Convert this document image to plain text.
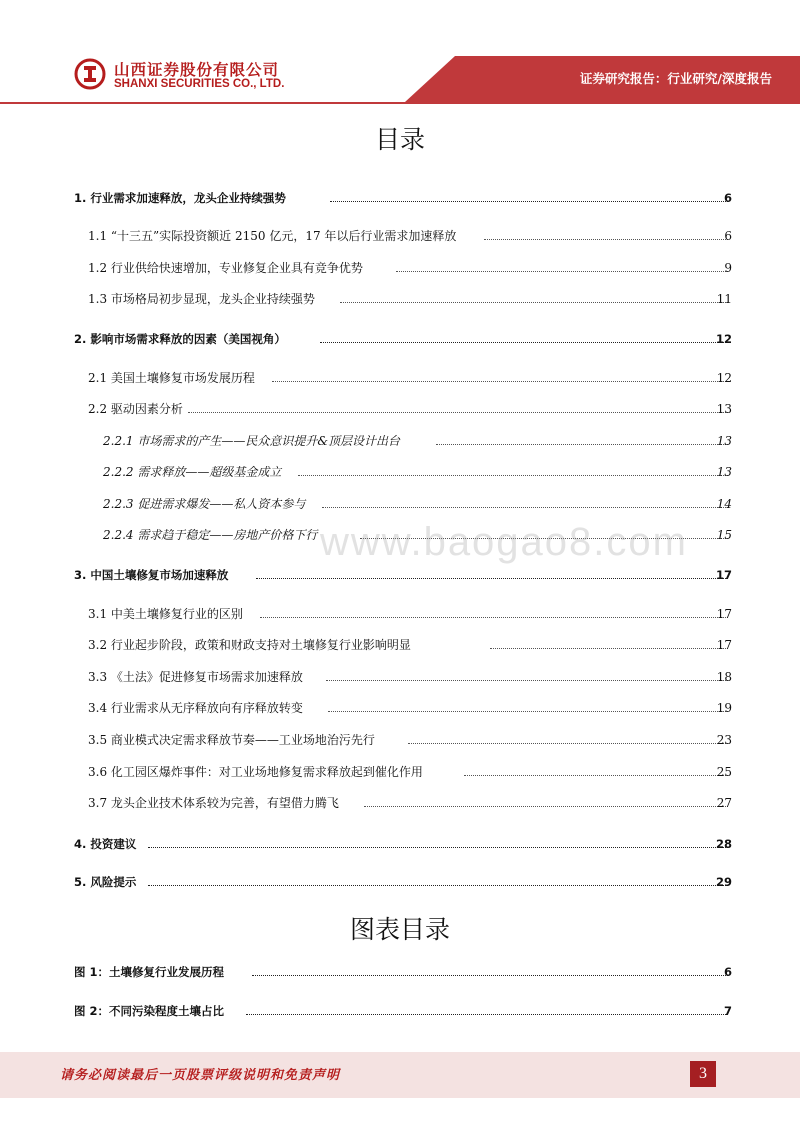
山西证券股份有限公司
SHANXI SECURITIES CO., LTD.	证券研究报告：行业研究/深度报告
目录
1. 行业需求加速释放，龙头企业持续强势	6
1.1 “十三五”实际投资额近 2150 亿元，17 年以后行业需求加速释放	6
1.2 行业供给快速增加，专业修复企业具有竞争优势	9
1.3 市场格局初步显现，龙头企业持续强势	11
2. 影响市场需求释放的因素（美国视角）	12
2.1 美国土壤修复市场发展历程	12
2.2 驱动因素分析	13
2.2.1 市场需求的产生——民众意识提升&顶层设计出台	13
2.2.2 需求释放——超级基金成立	13
2.2.3 促进需求爆发——私人资本参与	14
2.2.4 需求趋于稳定——房地产价格下行	15
3. 中国土壤修复市场加速释放	17
3.1 中美土壤修复行业的区别	17
3.2 行业起步阶段，政策和财政支持对土壤修复行业影响明显	17
3.3 《土法》促进修复市场需求加速释放	18
3.4 行业需求从无序释放向有序释放转变	19
3.5 商业模式决定需求释放节奏——工业场地治污先行	23
3.6 化工园区爆炸事件：对工业场地修复需求释放起到催化作用	25
3.7 龙头企业技术体系较为完善，有望借力腾飞	27
4. 投资建议	28
5. 风险提示	29
图表目录
图 1：土壤修复行业发展历程	6
图 2：不同污染程度土壤占比	7
www.baogao8.com
请务必阅读最后一页股票评级说明和免责声明	3
